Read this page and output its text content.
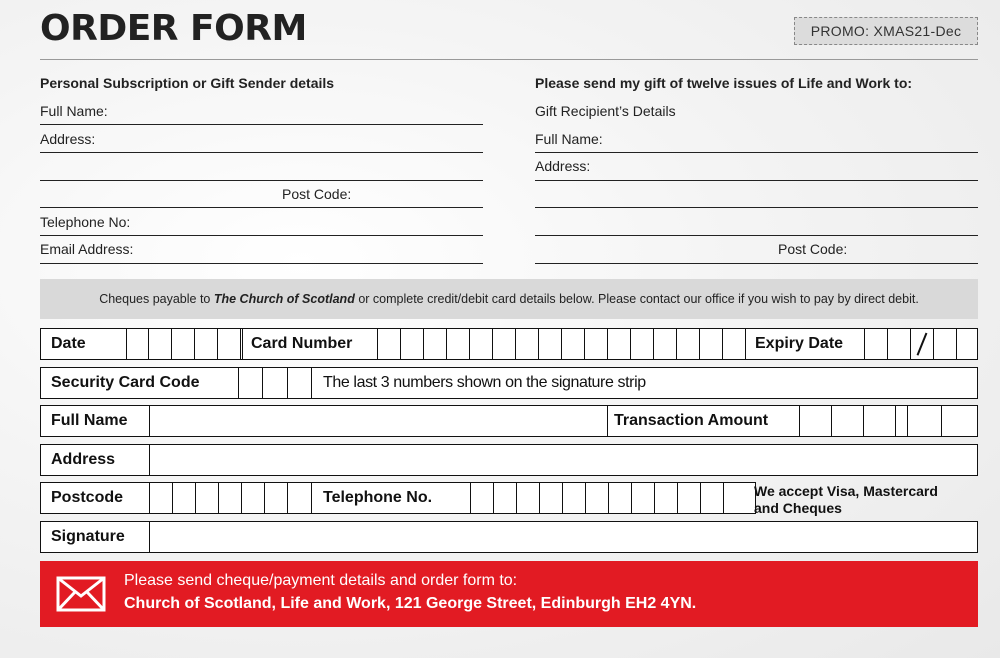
ORDER FORM	PROMO: XMAS21-Dec
Personal Subscription or Gift Sender details
Full Name:
Address:
Post Code:
Telephone No:
Email Address:
Please send my gift of twelve issues of Life and Work to:
Gift Recipient’s Details
Full Name:
Address:
Post Code:
Cheques payable to The Church of Scotland or complete credit/debit card details below. Please contact our office if you wish to pay by direct debit.
Date	Card Number	Expiry Date
Security Card Code	The last 3 numbers shown on the signature strip
Full Name	Transaction Amount
Address
Postcode	Telephone No.	We accept Visa, Mastercard
and Cheques
Signature
Please send cheque/payment details and order form to:
Church of Scotland, Life and Work, 121 George Street, Edinburgh EH2 4YN.
